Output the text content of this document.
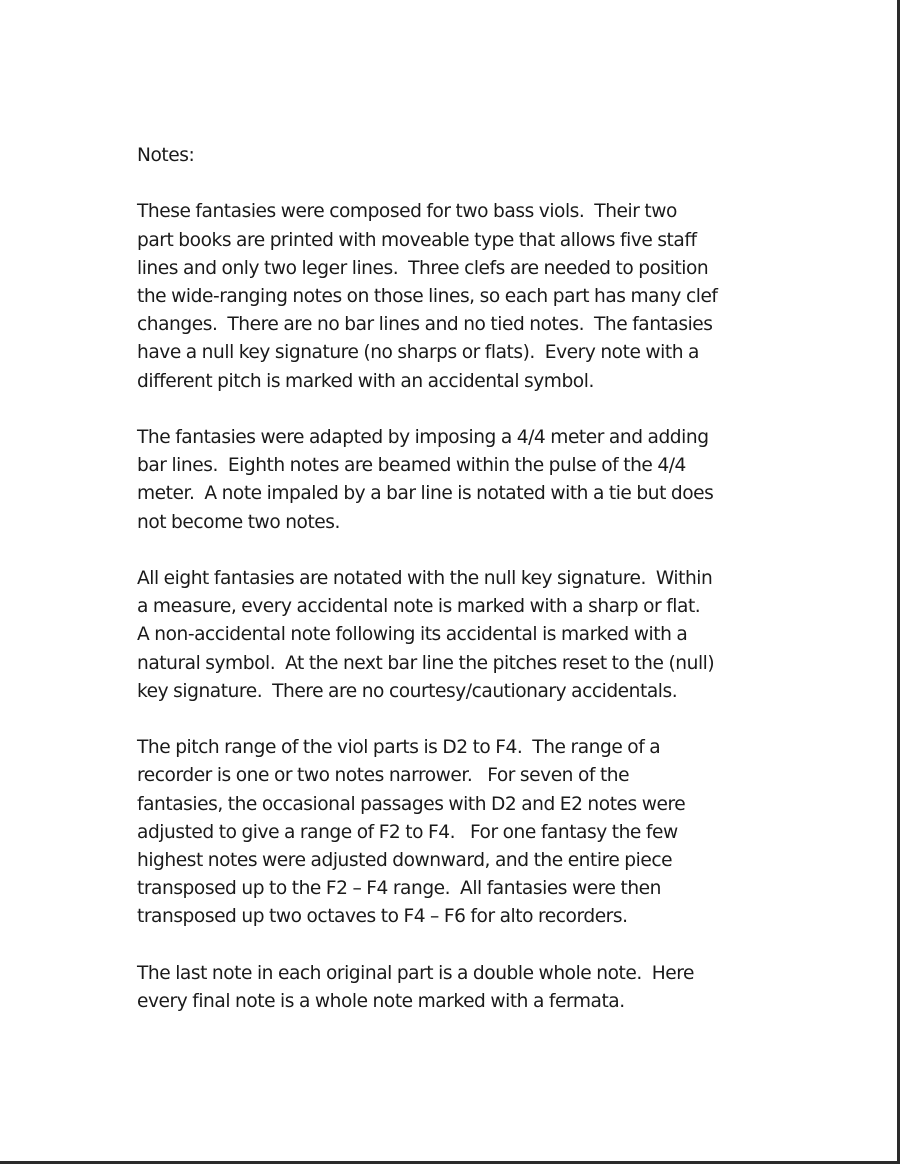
Notes:
These fantasies were composed for two bass viols.  Their two
part books are printed with moveable type that allows five staff
lines and only two leger lines.  Three clefs are needed to position
the wide-ranging notes on those lines, so each part has many clef
changes.  There are no bar lines and no tied notes.  The fantasies
have a null key signature (no sharps or flats).  Every note with a
different pitch is marked with an accidental symbol.
The fantasies were adapted by imposing a 4/4 meter and adding
bar lines.  Eighth notes are beamed within the pulse of the 4/4
meter.  A note impaled by a bar line is notated with a tie but does
not become two notes.
All eight fantasies are notated with the null key signature.  Within
a measure, every accidental note is marked with a sharp or flat.
A non-accidental note following its accidental is marked with a
natural symbol.  At the next bar line the pitches reset to the (null)
key signature.  There are no courtesy/cautionary accidentals.
The pitch range of the viol parts is D2 to F4.  The range of a
recorder is one or two notes narrower.   For seven of the
fantasies, the occasional passages with D2 and E2 notes were
adjusted to give a range of F2 to F4.   For one fantasy the few
highest notes were adjusted downward, and the entire piece
transposed up to the F2 – F4 range.  All fantasies were then
transposed up two octaves to F4 – F6 for alto recorders.
The last note in each original part is a double whole note.  Here
every final note is a whole note marked with a fermata.
